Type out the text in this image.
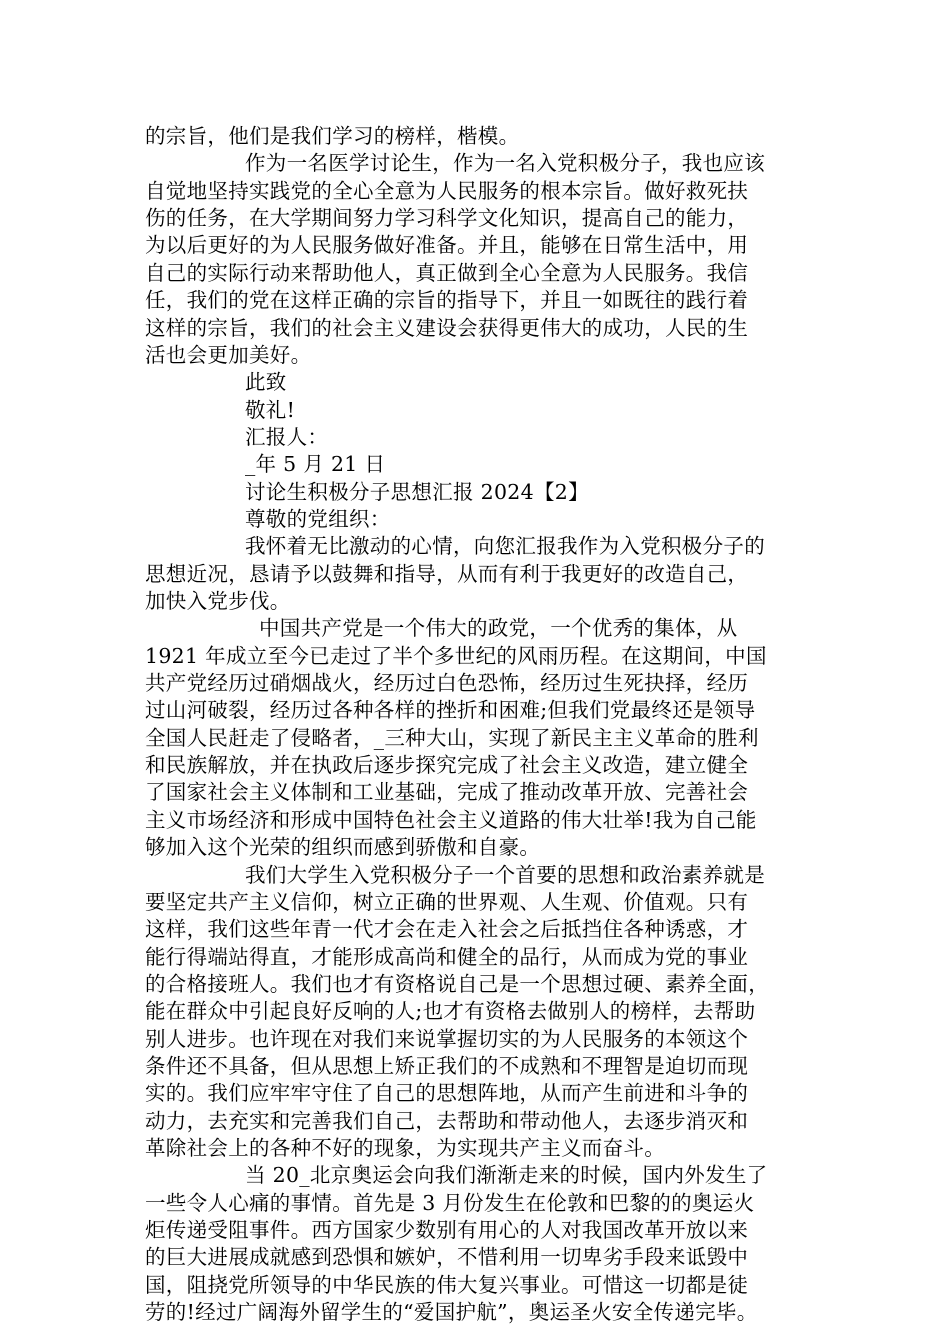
的宗旨，他们是我们学习的榜样，楷模。
作为一名医学讨论生，作为一名入党积极分子，我也应该
自觉地坚持实践党的全心全意为人民服务的根本宗旨。做好救死扶
伤的任务，在大学期间努力学习科学文化知识，提高自己的能力，
为以后更好的为人民服务做好准备。并且，能够在日常生活中，用
自己的实际行动来帮助他人，真正做到全心全意为人民服务。我信
任，我们的党在这样正确的宗旨的指导下，并且一如既往的践行着
这样的宗旨，我们的社会主义建设会获得更伟大的成功，人民的生
活也会更加美好。
此致
敬礼!
汇报人：
_年 5 月 21 日
讨论生积极分子思想汇报 2024【2】
尊敬的党组织：
我怀着无比激动的心情，向您汇报我作为入党积极分子的
思想近况，恳请予以鼓舞和指导，从而有利于我更好的改造自己，
加快入党步伐。
中国共产党是一个伟大的政党，一个优秀的集体，从
1921 年成立至今已走过了半个多世纪的风雨历程。在这期间，中国
共产党经历过硝烟战火，经历过白色恐怖，经历过生死抉择，经历
过山河破裂，经历过各种各样的挫折和困难;但我们党最终还是领导
全国人民赶走了侵略者，_三种大山，实现了新民主主义革命的胜利
和民族解放，并在执政后逐步探究完成了社会主义改造，建立健全
了国家社会主义体制和工业基础，完成了推动改革开放、完善社会
主义市场经济和形成中国特色社会主义道路的伟大壮举!我为自己能
够加入这个光荣的组织而感到骄傲和自豪。
我们大学生入党积极分子一个首要的思想和政治素养就是
要坚定共产主义信仰，树立正确的世界观、人生观、价值观。只有
这样，我们这些年青一代才会在走入社会之后抵挡住各种诱惑，才
能行得端站得直，才能形成高尚和健全的品行，从而成为党的事业
的合格接班人。我们也才有资格说自己是一个思想过硬、素养全面，
能在群众中引起良好反响的人;也才有资格去做别人的榜样，去帮助
别人进步。也许现在对我们来说掌握切实的为人民服务的本领这个
条件还不具备，但从思想上矫正我们的不成熟和不理智是迫切而现
实的。我们应牢牢守住了自己的思想阵地，从而产生前进和斗争的
动力，去充实和完善我们自己，去帮助和带动他人，去逐步消灭和
革除社会上的各种不好的现象，为实现共产主义而奋斗。
当 20_北京奥运会向我们渐渐走来的时候，国内外发生了
一些令人心痛的事情。首先是 3 月份发生在伦敦和巴黎的的奥运火
炬传递受阻事件。西方国家少数别有用心的人对我国改革开放以来
的巨大进展成就感到恐惧和嫉妒，不惜利用一切卑劣手段来诋毁中
国，阻挠党所领导的中华民族的伟大复兴事业。可惜这一切都是徒
劳的!经过广阔海外留学生的“爱国护航”，奥运圣火安全传递完毕。
